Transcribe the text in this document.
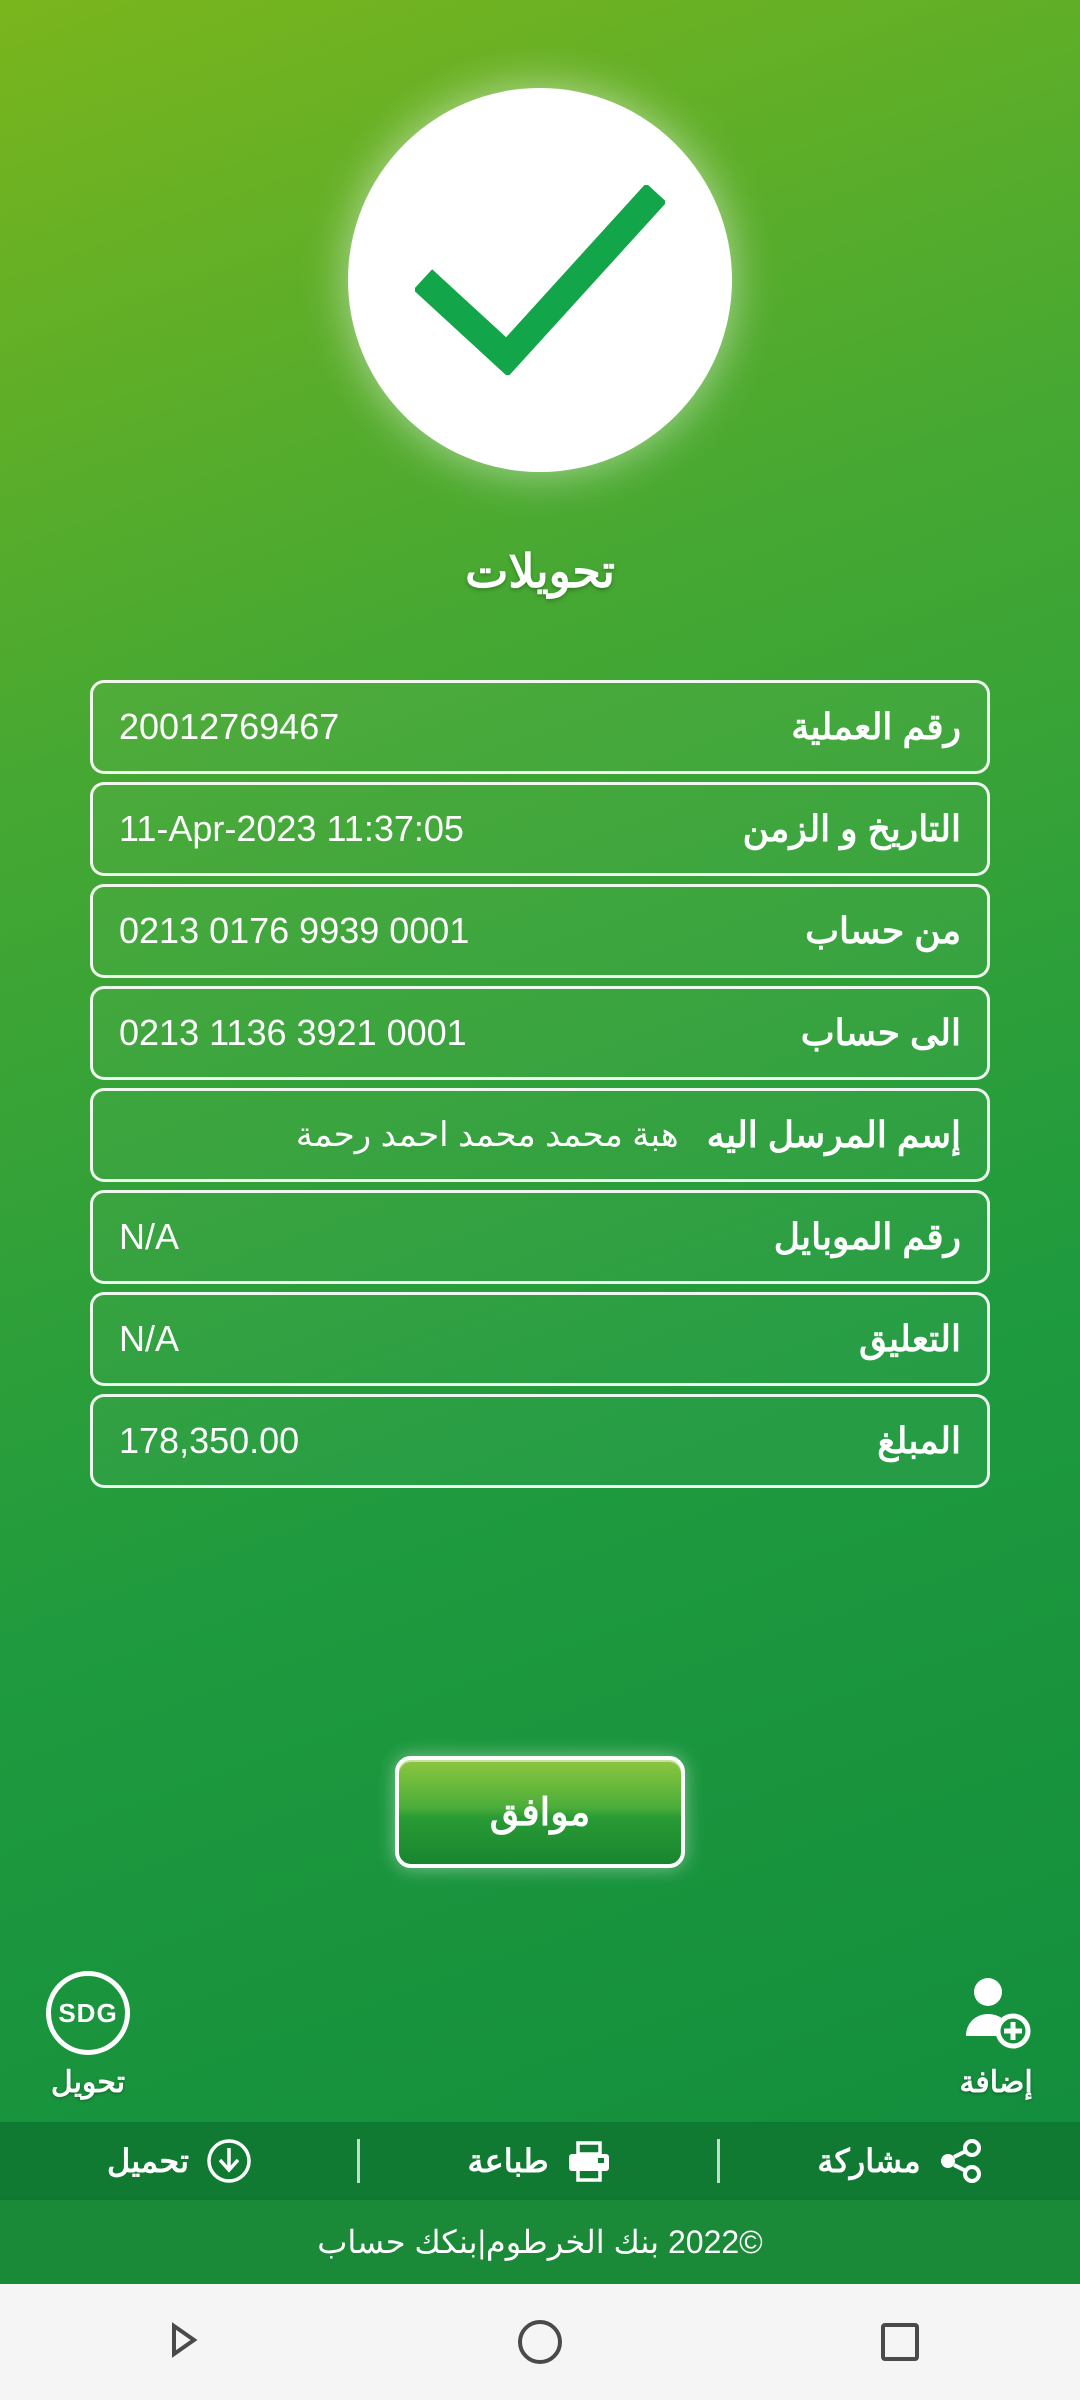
تحويلات
رقم العملية
20012769467
التاريخ و الزمن
11-Apr-2023 11:37:05
من حساب
0213 0176 9939 0001
الى حساب
0213 1136 3921 0001
إسم المرسل اليه
هبة محمد محمد احمد رحمة
رقم الموبايل
N/A
التعليق
N/A
المبلغ
178,350.00
موافق
إضافة
SDG
تحويل
مشاركة
طباعة
تحميل
©2022 بنك الخرطوم|بنكك حساب
